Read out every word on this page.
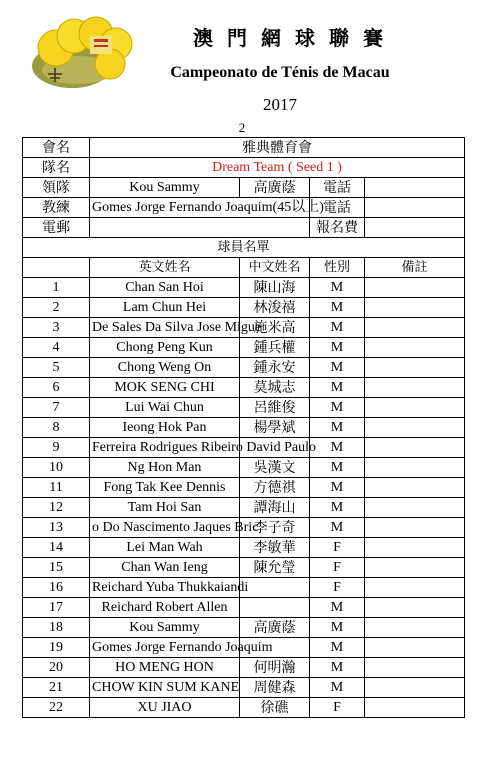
澳門網球聯賽
Campeonato de Ténis de Macau
2017
2
會名	雅典體育會			
隊名	Dream Team ( Seed 1 )			
領隊	Kou Sammy	高廣蔭	電話	
教練	Gomes Jorge Fernando Joaquim(45以上)		電話	
電郵			報名費	
球員名單				
	英文姓名	中文姓名	性別	備註
1	Chan San Hoi	陳山海	M	
2	Lam Chun Hei	林浚禧	M	
3	De Sales Da Silva Jose Migue	施米高	M	
4	Chong Peng Kun	鍾兵權	M	
5	Chong Weng On	鍾永安	M	
6	MOK SENG CHI	莫城志	M	
7	Lui Wai Chun	呂維俊	M	
8	Ieong Hok Pan	楊學斌	M	
9	Ferreira Rodrigues Ribeiro David Paulo		M	
10	Ng Hon Man	吳漢文	M	
11	Fong Tak Kee Dennis	方德祺	M	
12	Tam Hoi San	譚海山	M	
13	o Do Nascimento Jaques Bric	李子奇	M	
14	Lei Man Wah	李敏華	F	
15	Chan Wan Ieng	陳允瑩	F	
16	Reichard Yuba Thukkaiandi		F	
17	Reichard Robert Allen		M	
18	Kou Sammy	高廣蔭	M	
19	Gomes Jorge Fernando Joaquim		M	
20	HO MENG HON	何明瀚	M	
21	CHOW KIN SUM KANE	周健森	M	
22	XU JIAO	徐礁	F	
